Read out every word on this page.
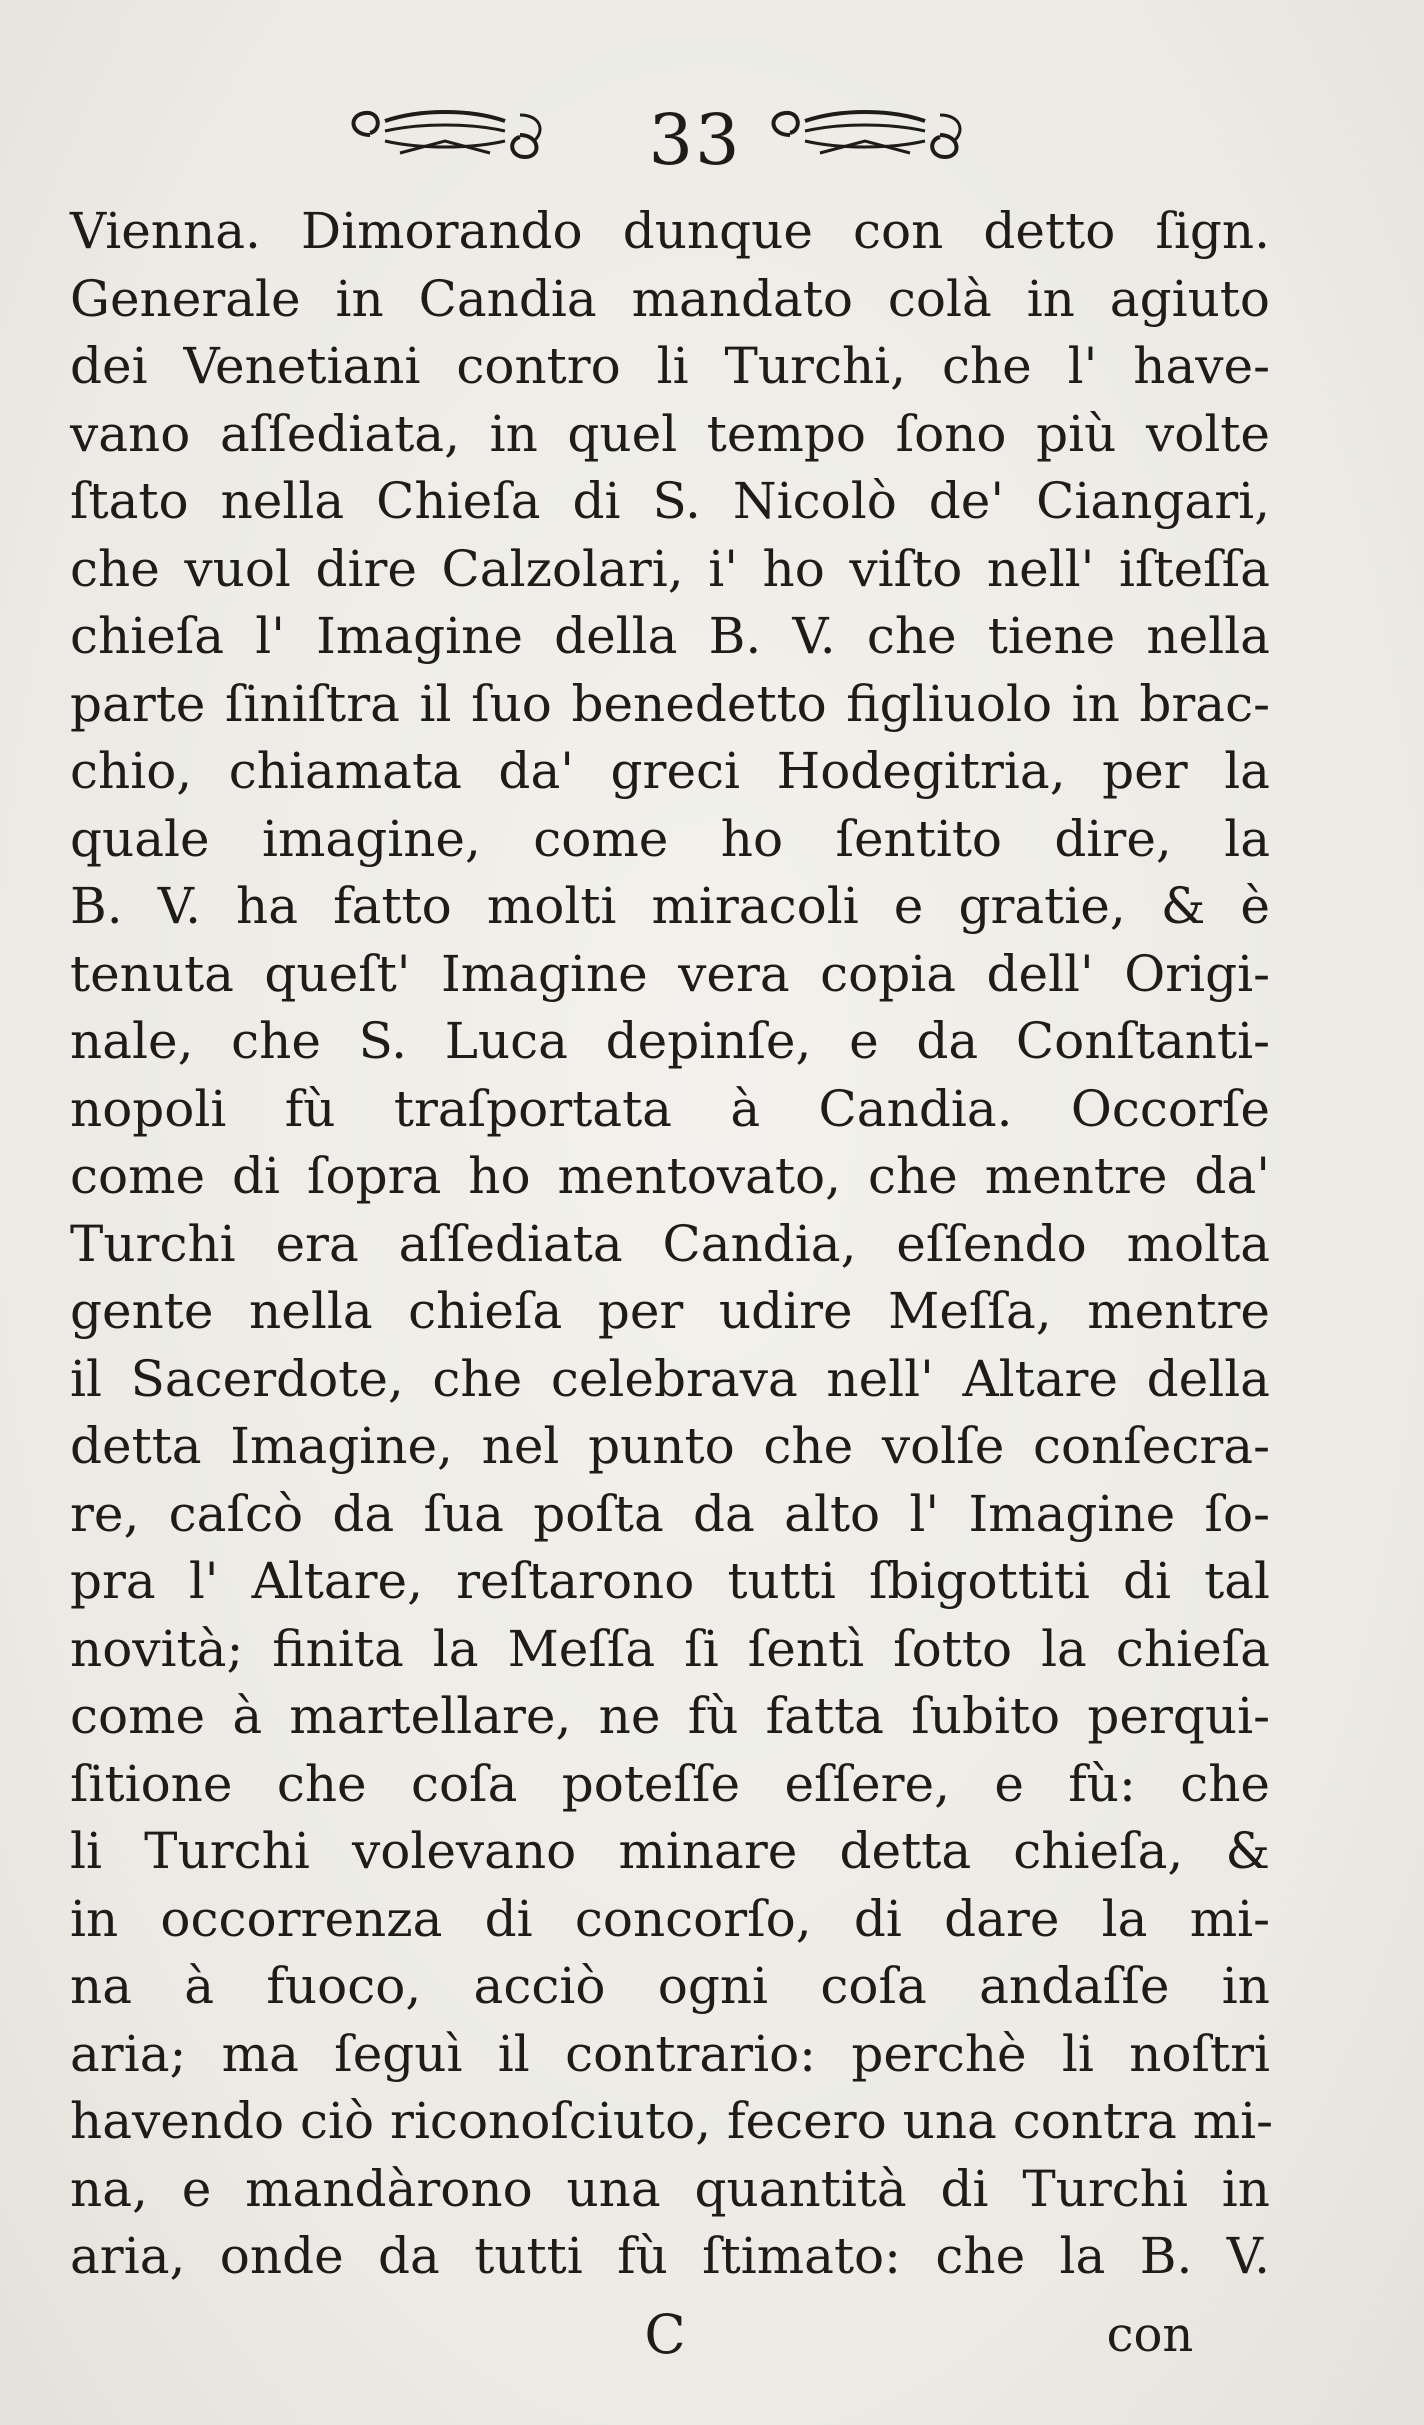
33
Vienna. Dimorando dunque con detto ſign.
Generale in Candia mandato colà in agiuto
dei Venetiani contro li Turchi, che l' have-
vano aſſediata, in quel tempo ſono più volte
ſtato nella Chieſa di S. Nicolò de' Ciangari,
che vuol dire Calzolari, i' ho viſto nell' iſteſſa
chieſa l' Imagine della B. V. che tiene nella
parte ſiniſtra il ſuo benedetto figliuolo in brac-
chio, chiamata da' greci Hodegitria, per la
quale imagine, come ho ſentito dire, la
B. V. ha fatto molti miracoli e gratie, & è
tenuta queſt' Imagine vera copia dell' Origi-
nale, che S. Luca depinſe, e da Conſtanti-
nopoli fù traſportata à Candia. Occorſe
come di ſopra ho mentovato, che mentre da'
Turchi era aſſediata Candia, eſſendo molta
gente nella chieſa per udire Meſſa, mentre
il Sacerdote, che celebrava nell' Altare della
detta Imagine, nel punto che volſe conſecra-
re, caſcò da ſua poſta da alto l' Imagine ſo-
pra l' Altare, reſtarono tutti ſbigottiti di tal
novità; finita la Meſſa ſi ſentì ſotto la chieſa
come à martellare, ne fù fatta ſubito perqui-
ſitione che coſa poteſſe eſſere, e fù: che
li Turchi volevano minare detta chieſa, &
in occorrenza di concorſo, di dare la mi-
na à fuoco, acciò ogni coſa andaſſe in
aria; ma ſeguì il contrario: perchè li noſtri
havendo ciò riconoſciuto, fecero una contra mi-
na, e mandàrono una quantità di Turchi in
aria, onde da tutti fù ſtimato: che la B. V.
C	con
